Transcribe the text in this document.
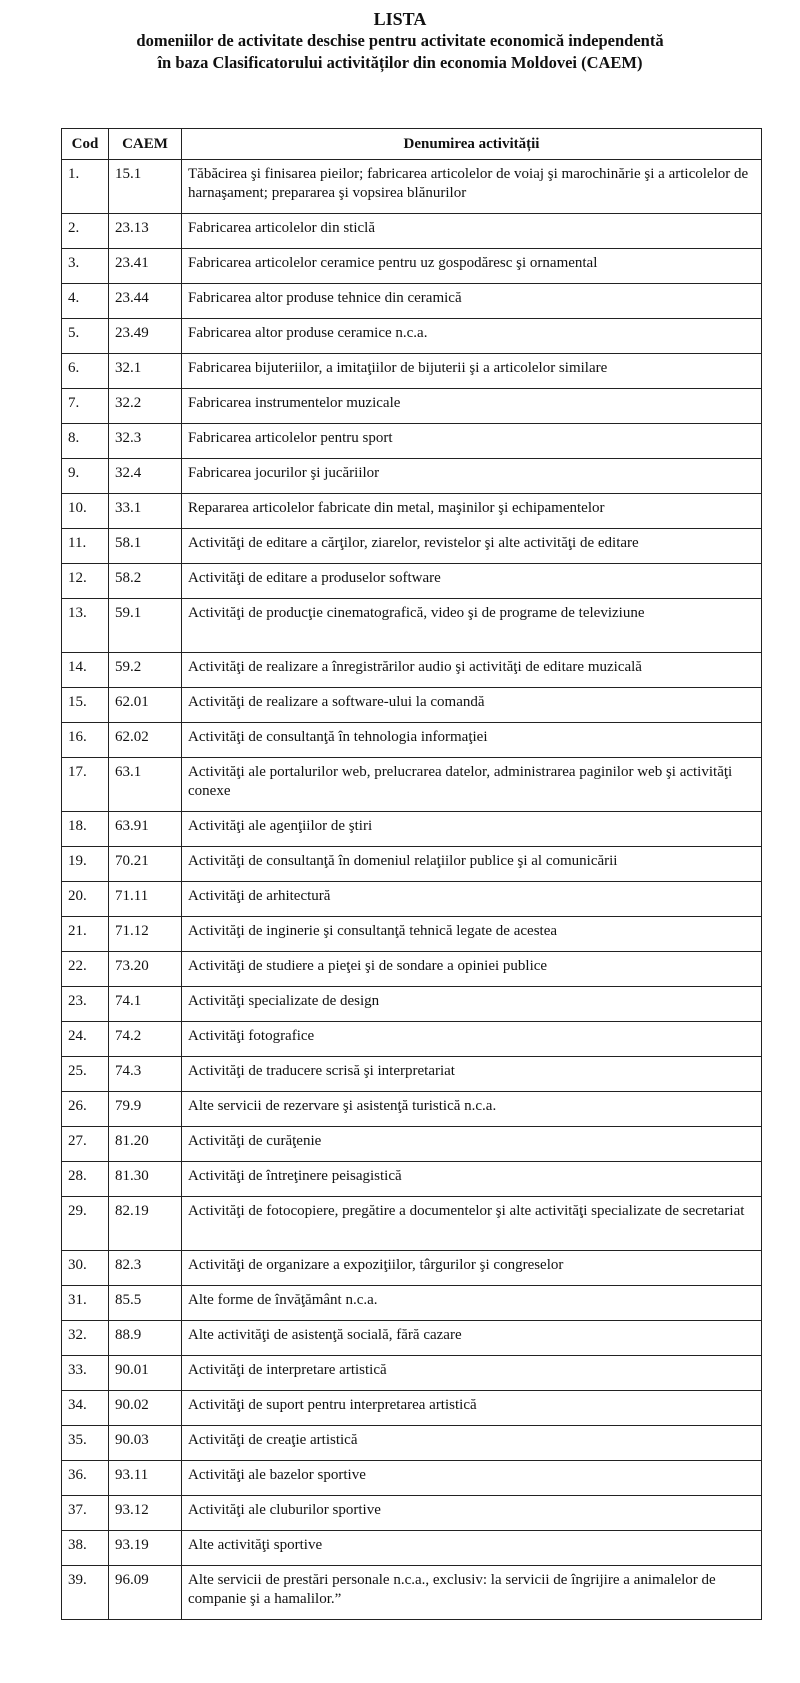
LISTA
domeniilor de activitate deschise pentru activitate economică independentă
în baza Clasificatorului activităților din economia Moldovei (CAEM)
Cod	CAEM	Denumirea activității
1.	15.1	Tăbăcirea şi finisarea pieilor; fabricarea articolelor de voiaj şi marochinărie şi a articolelor de harnaşament; prepararea şi vopsirea blănurilor
2.	23.13	Fabricarea articolelor din sticlă
3.	23.41	Fabricarea articolelor ceramice pentru uz gospodăresc şi ornamental
4.	23.44	Fabricarea altor produse tehnice din ceramică
5.	23.49	Fabricarea altor produse ceramice n.c.a.
6.	32.1	Fabricarea bijuteriilor, a imitaţiilor de bijuterii şi a articolelor similare
7.	32.2	Fabricarea instrumentelor muzicale
8.	32.3	Fabricarea articolelor pentru sport
9.	32.4	Fabricarea jocurilor şi jucăriilor
10.	33.1	Repararea articolelor fabricate din metal, maşinilor şi echipamentelor
11.	58.1	Activităţi de editare a cărţilor, ziarelor, revistelor şi alte activităţi de editare
12.	58.2	Activităţi de editare a produselor software
13.	59.1	Activităţi de producţie cinematografică, video şi de programe de televiziune
14.	59.2	Activităţi de realizare a înregistrărilor audio şi activităţi de editare muzicală
15.	62.01	Activităţi de realizare a software-ului la comandă
16.	62.02	Activităţi de consultanţă în tehnologia informaţiei
17.	63.1	Activităţi ale portalurilor web, prelucrarea datelor, administrarea paginilor web şi activităţi conexe
18.	63.91	Activităţi ale agenţiilor de ştiri
19.	70.21	Activităţi de consultanţă în domeniul relaţiilor publice şi al comunicării
20.	71.11	Activităţi de arhitectură
21.	71.12	Activităţi de inginerie şi consultanţă tehnică legate de acestea
22.	73.20	Activităţi de studiere a pieţei şi de sondare a opiniei publice
23.	74.1	Activităţi specializate de design
24.	74.2	Activităţi fotografice
25.	74.3	Activităţi de traducere scrisă şi interpretariat
26.	79.9	Alte servicii de rezervare şi asistenţă turistică n.c.a.
27.	81.20	Activităţi de curăţenie
28.	81.30	Activităţi de întreţinere peisagistică
29.	82.19	Activităţi de fotocopiere, pregătire a documentelor şi alte activităţi specializate de secretariat
30.	82.3	Activităţi de organizare a expoziţiilor, târgurilor şi congreselor
31.	85.5	Alte forme de învăţământ n.c.a.
32.	88.9	Alte activităţi de asistenţă socială, fără cazare
33.	90.01	Activităţi de interpretare artistică
34.	90.02	Activităţi de suport pentru interpretarea artistică
35.	90.03	Activităţi de creaţie artistică
36.	93.11	Activităţi ale bazelor sportive
37.	93.12	Activităţi ale cluburilor sportive
38.	93.19	Alte activităţi sportive
39.	96.09	Alte servicii de prestări personale n.c.a., exclusiv: la servicii de îngrijire a animalelor de companie şi a hamalilor.”
